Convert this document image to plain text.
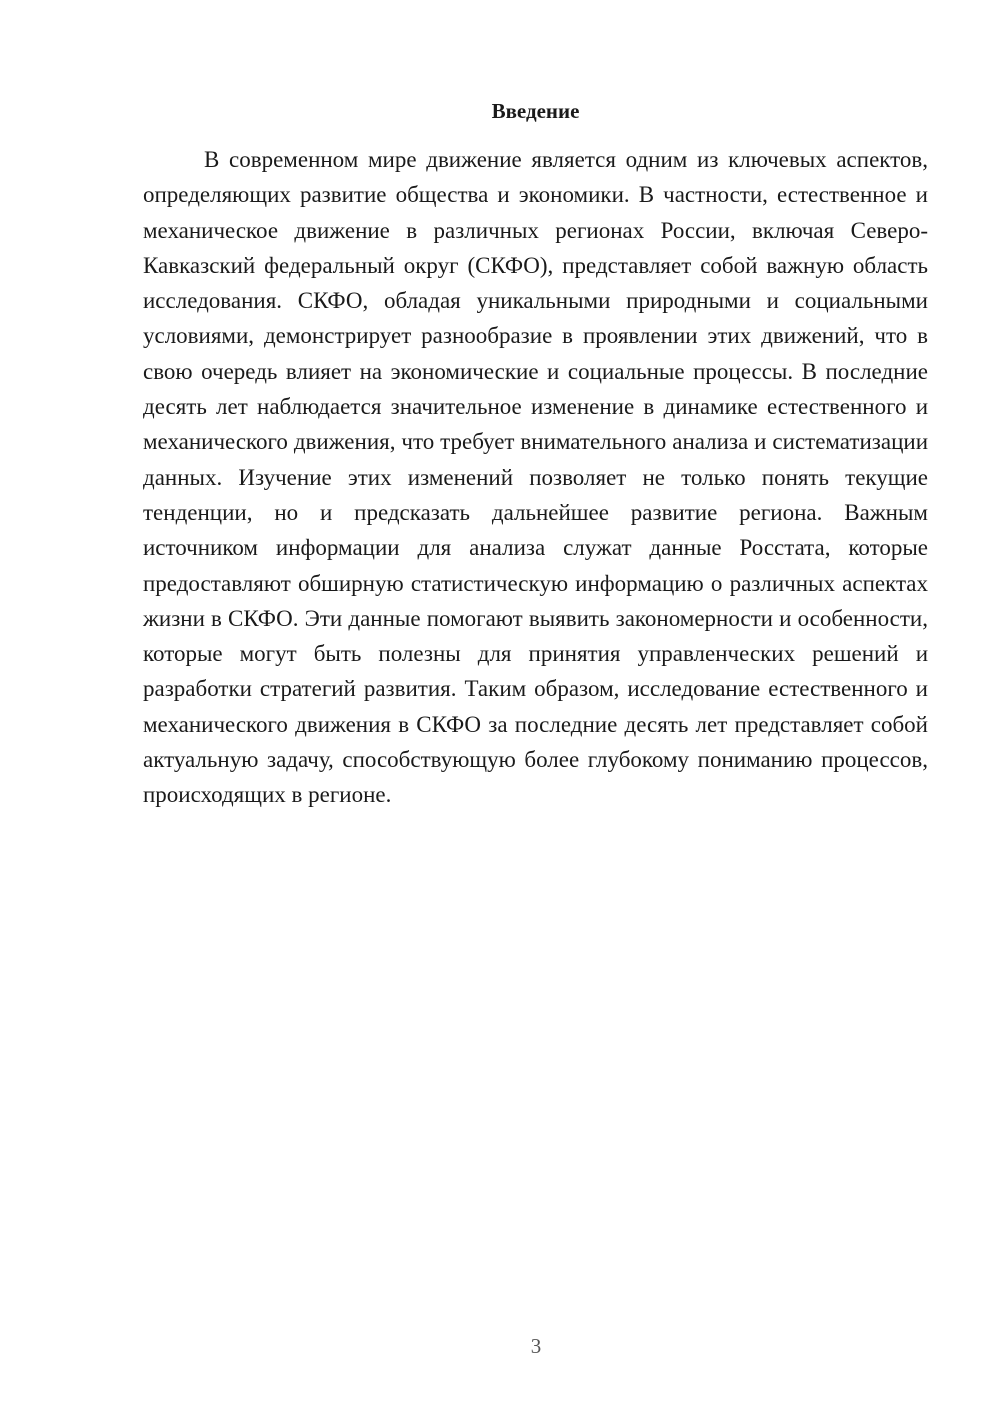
Введение

В современном мире движение является одним из ключевых аспектов, определяющих развитие общества и экономики. В частности, естественное и механическое движение в различных регионах России, включая Северо-Кавказский федеральный округ (СКФО), представляет собой важную область исследования. СКФО, обладая уникальными природными и социальными условиями, демонстрирует разнообразие в проявлении этих движений, что в свою очередь влияет на экономические и социальные процессы. В последние десять лет наблюдается значительное изменение в динамике естественного и механического движения, что требует внимательного анализа и систематизации данных. Изучение этих изменений позволяет не только понять текущие тенденции, но и предсказать дальнейшее развитие региона. Важным источником информации для анализа служат данные Росстата, которые предоставляют обширную статистическую информацию о различных аспектах жизни в СКФО. Эти данные помогают выявить закономерности и особенности, которые могут быть полезны для принятия управленческих решений и разработки стратегий развития. Таким образом, исследование естественного и механического движения в СКФО за последние десять лет представляет собой актуальную задачу, способствующую более глубокому пониманию процессов, происходящих в регионе.

3
